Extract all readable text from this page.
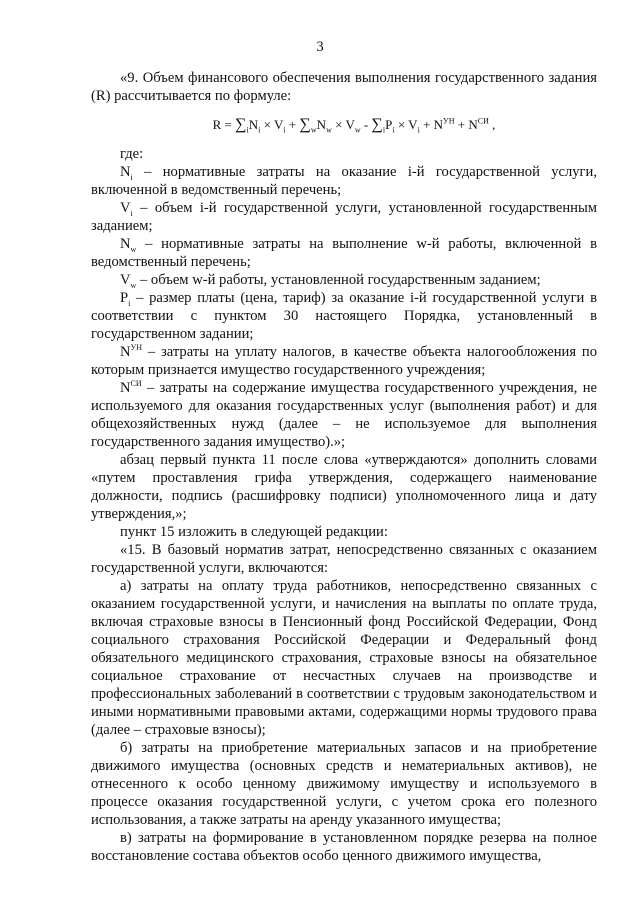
3

«9. Объем финансового обеспечения выполнения государственного задания (R) рассчитывается по формуле:

$R = \sum_iN_i \times V_i + \sum_wN_w \times V_w - \sum_iP_i \times V_i + N^{УН} + N^{СИ}$ ,

где:

$N_i$ – нормативные затраты на оказание i-й государственной услуги, включенной в ведомственный перечень;

$V_i$ – объем i-й государственной услуги, установленной государственным заданием;

$N_w$ – нормативные затраты на выполнение w-й работы, включенной в ведомственный перечень;

$V_w$ – объем w-й работы, установленной государственным заданием;

$P_i$ – размер платы (цена, тариф) за оказание i-й государственной услуги в соответствии с пунктом 30 настоящего Порядка, установленный в государственном задании;

$N^{УН}$ – затраты на уплату налогов, в качестве объекта налогообложения по которым признается имущество государственного учреждения;

$N^{СИ}$ – затраты на содержание имущества государственного учреждения, не используемого для оказания государственных услуг (выполнения работ) и для общехозяйственных нужд (далее – не используемое для выполнения государственного задания имущество).»;

абзац первый пункта 11 после слова «утверждаются» дополнить словами «путем проставления грифа утверждения, содержащего наименование должности, подпись (расшифровку подписи) уполномоченного лица и дату утверждения,»;

пункт 15 изложить в следующей редакции:

«15. В базовый норматив затрат, непосредственно связанных с оказанием государственной услуги, включаются:

а) затраты на оплату труда работников, непосредственно связанных с оказанием государственной услуги, и начисления на выплаты по оплате труда, включая страховые взносы в Пенсионный фонд Российской Федерации, Фонд социального страхования Российской Федерации и Федеральный фонд обязательного медицинского страхования, страховые взносы на обязательное социальное страхование от несчастных случаев на производстве и профессиональных заболеваний в соответствии с трудовым законодательством и иными нормативными правовыми актами, содержащими нормы трудового права (далее – страховые взносы);

б) затраты на приобретение материальных запасов и на приобретение движимого имущества (основных средств и нематериальных активов), не отнесенного к особо ценному движимому имуществу и используемого в процессе оказания государственной услуги, с учетом срока его полезного использования, а также затраты на аренду указанного имущества;

в) затраты на формирование в установленном порядке резерва на полное восстановление состава объектов особо ценного движимого имущества,
